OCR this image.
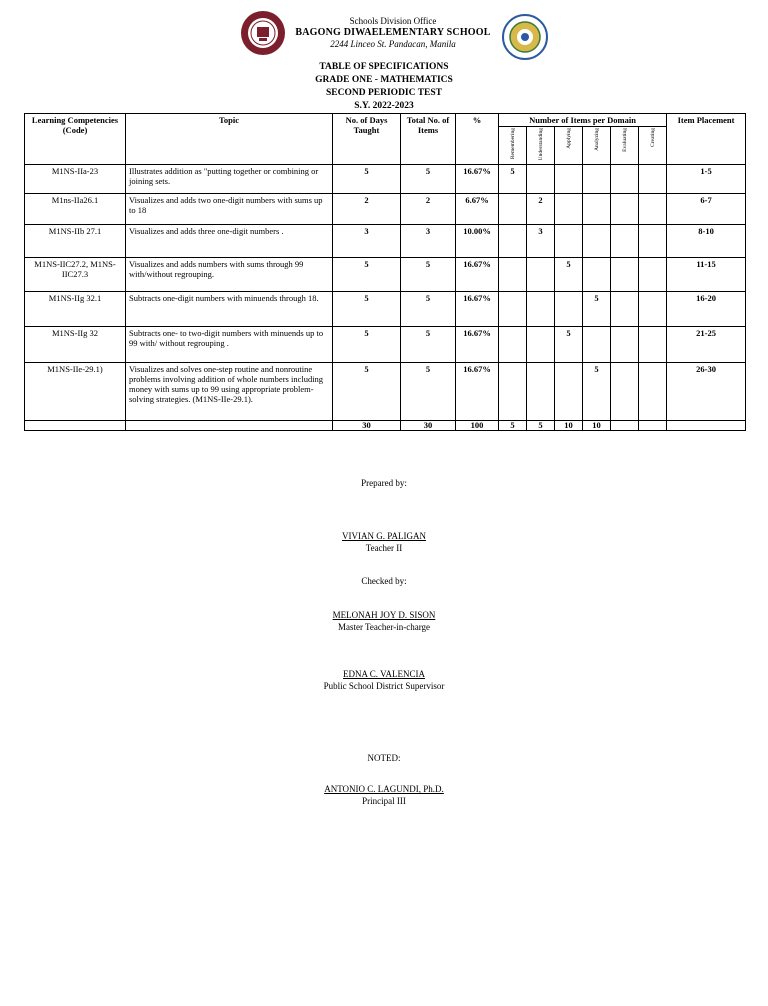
Schools Division Office
BAGONG DIWAELEMENTARY SCHOOL
2244 Linceo St. Pandacan, Manila
TABLE OF SPECIFICATIONS
GRADE ONE - MATHEMATICS
SECOND PERIODIC TEST
S.Y. 2022-2023
Learning Competencies (Code)	Topic	No. of Days Taught	Total No. of Items	%	Number of Items per Domain						Item Placement
					Remembering	Understanding	Applying	Analyzing	Evaluating	Creating	
M1NS-IIa-23	Illustrates addition as "putting together or combining or joining sets.	5	5	16.67%	5						1-5
M1ns-IIa26.1	Visualizes and adds two one-digit numbers with sums up to 18	2	2	6.67%		2					6-7
M1NS-IIb 27.1	Visualizes and adds three one-digit numbers .	3	3	10.00%		3					8-10
M1NS-IIC27.2, M1NS-IIC27.3	Visualizes and adds numbers with sums through 99 with/without regrouping.	5	5	16.67%			5				11-15
M1NS-IIg 32.1	Subtracts one-digit numbers with minuends through 18.	5	5	16.67%				5			16-20
M1NS-IIg 32	Subtracts one- to two-digit numbers with minuends up to 99 with/ without regrouping .	5	5	16.67%			5				21-25
M1NS-IIe-29.1)	Visualizes and solves one-step routine and nonroutine problems involving addition of whole numbers including money with sums up to 99 using appropriate problem-solving strategies. (M1NS-IIe-29.1).	5	5	16.67%				5			26-30
		30	30	100	5	5	10	10			
Prepared by:
VIVIAN G. PALIGAN
Teacher II
Checked by:
MELONAH JOY D. SISON
Master Teacher-in-charge
EDNA C. VALENCIA
Public School District Supervisor
NOTED:
ANTONIO C. LAGUNDI, Ph.D.
Principal III
